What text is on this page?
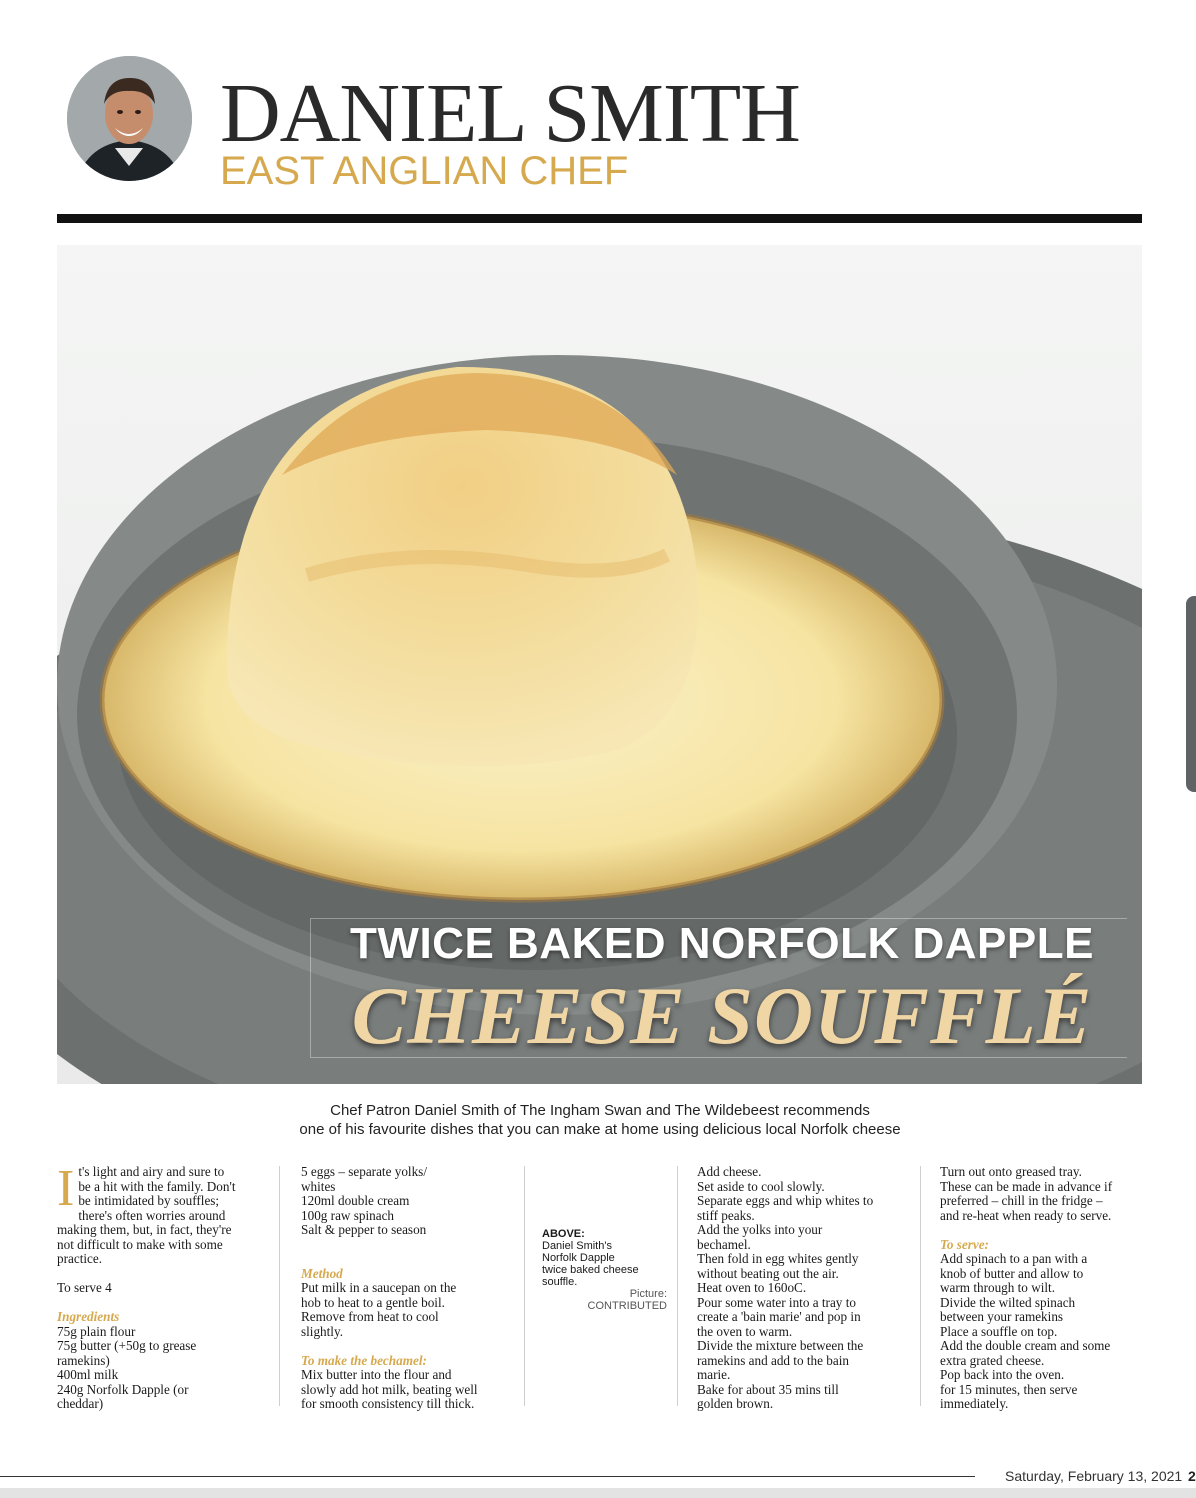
DANIEL SMITH
EAST ANGLIAN CHEF
TWICE BAKED NORFOLK DAPPLE
CHEESE SOUFFLÉ
Chef Patron Daniel Smith of The Ingham Swan and The Wildebeest recommends
one of his favourite dishes that you can make at home using delicious local Norfolk cheese
I t's light and airy and sure to

be a hit with the family. Don't

be intimidated by souffles;

there's often worries around

making them, but, in fact, they're

not difficult to make with some

practice.

To serve 4

Ingredients

75g plain flour

75g butter (+50g to grease

ramekins)

400ml milk

240g Norfolk Dapple (or

cheddar)

5 eggs – separate yolks/

whites

120ml double cream

100g raw spinach

Salt & pepper to season

Method

Put milk in a saucepan on the

hob to heat to a gentle boil.

Remove from heat to cool

slightly.

To make the bechamel:

Mix butter into the flour and

slowly add hot milk, beating well

for smooth consistency till thick.

ABOVE:

Daniel Smith's

Norfolk Dapple

twice baked cheese

souffle.

Picture:

CONTRIBUTED

Add cheese.

Set aside to cool slowly.

Separate eggs and whip whites to

stiff peaks.

Add the yolks into your

bechamel.

Then fold in egg whites gently

without beating out the air.

Heat oven to 160oC.

Pour some water into a tray to

create a 'bain marie' and pop in

the oven to warm.

Divide the mixture between the

ramekins and add to the bain

marie.

Bake for about 35 mins till

golden brown.

Turn out onto greased tray.

These can be made in advance if

preferred – chill in the fridge –

and re-heat when ready to serve.

To serve:

Add spinach to a pan with a

knob of butter and allow to

warm through to wilt.

Divide the wilted spinach

between your ramekins

Place a souffle on top.

Add the double cream and some

extra grated cheese.

Pop back into the oven.

for 15 minutes, then serve

immediately.

Saturday, February 13, 2021 2
